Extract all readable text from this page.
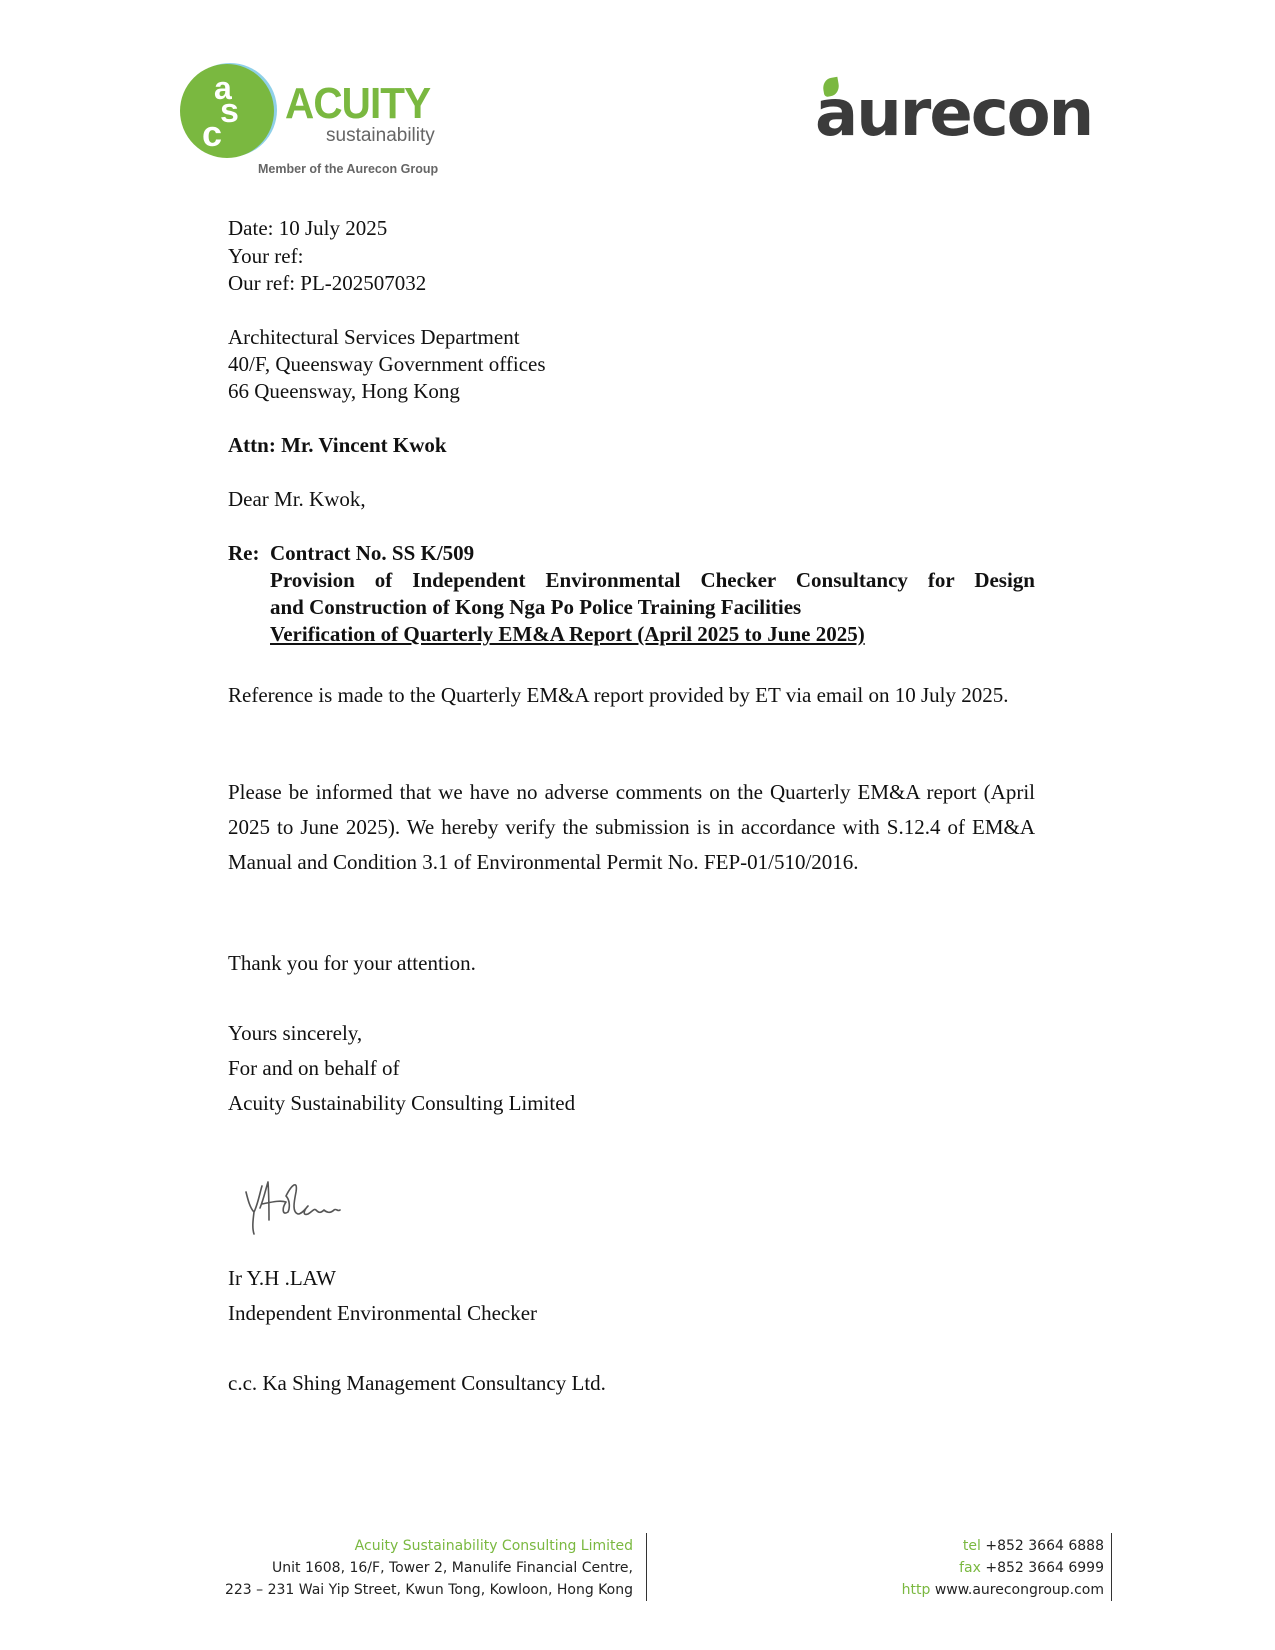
a
s
c
ACUITY
sustainability
Member of the Aurecon Group
aurecon
Date: 10 July 2025
Your ref:
Our ref: PL-202507032
Architectural Services Department
40/F, Queensway Government offices
66 Queensway, Hong Kong
Attn: Mr. Vincent Kwok
Dear Mr. Kwok,
Re: Contract No. SS K/509
Provision of Independent Environmental Checker Consultancy for Design
and Construction of Kong Nga Po Police Training Facilities
Verification of Quarterly EM&A Report (April 2025 to June 2025)
Reference is made to the Quarterly EM&A report provided by ET via email on 10 July 2025.
Please be informed that we have no adverse comments on the Quarterly EM&A report (April 2025 to June 2025). We hereby verify the submission is in accordance with S.12.4 of EM&A Manual and Condition 3.1 of Environmental Permit No. FEP-01/510/2016.
Thank you for your attention.
Yours sincerely,
For and on behalf of
Acuity Sustainability Consulting Limited
Ir Y.H .LAW
Independent Environmental Checker
c.c. Ka Shing Management Consultancy Ltd.
Acuity Sustainability Consulting Limited
Unit 1608, 16/F, Tower 2, Manulife Financial Centre,
223 – 231 Wai Yip Street, Kwun Tong, Kowloon, Hong Kong
tel +852 3664 6888
fax +852 3664 6999
http www.aurecongroup.com
